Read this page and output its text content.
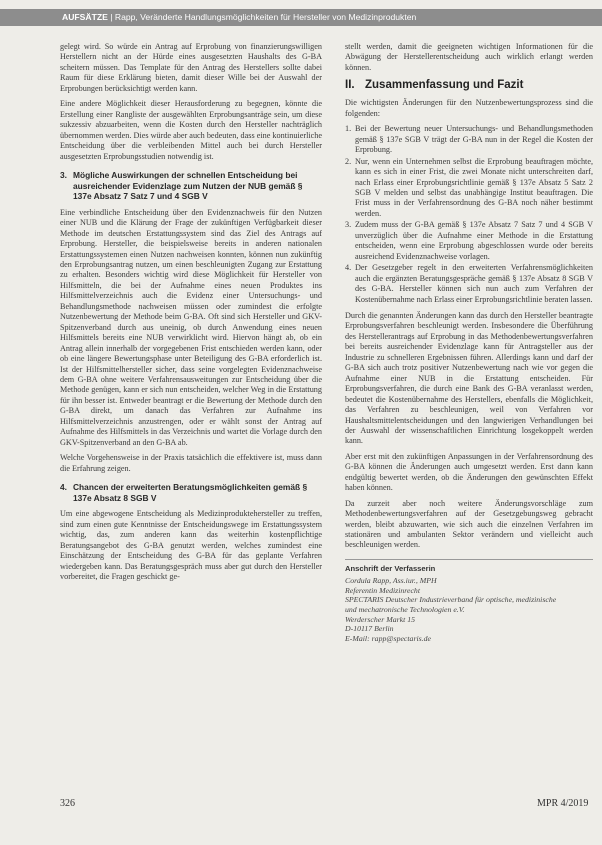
AUFSÄTZE | Rapp, Veränderte Handlungsmöglichkeiten für Hersteller von Medizinprodukten

gelegt wird. So würde ein Antrag auf Erprobung von finanzierungswilligen Herstellern nicht an der Hürde eines ausgesetzten Haushalts des G-BA scheitern müssen. Das Template für den Antrag des Herstellers sollte dabei Raum für diese Erklärung bieten, damit dieser Wille bei der Auswahl der Erprobungen berücksichtigt werden kann.

Eine andere Möglichkeit dieser Herausforderung zu begegnen, könnte die Erstellung einer Rangliste der ausgewählten Erprobungsanträge sein, um diese sukzessiv abzuarbeiten, wenn die Kosten durch den Hersteller nachträglich übernommen werden. Dies würde aber auch bedeuten, dass eine kontinuierliche Entscheidung über die verbleibenden Mittel auch bei durch Hersteller ausgesetzten Erprobungsstudien notwendig ist.

3. Mögliche Auswirkungen der schnellen Entscheidung bei ausreichender Evidenzlage zum Nutzen der NUB gemäß § 137e Absatz 7 Satz 7 und 4 SGB V

Eine verbindliche Entscheidung über den Evidenznachweis für den Nutzen einer NUB und die Klärung der Frage der zukünftigen Verfügbarkeit dieser Methode im deutschen Erstattungssystem sind das Ziel des Antrags auf Erprobung. Hersteller, die beispielsweise bereits in anderen nationalen Erstattungssystemen einen Nutzen nachweisen konnten, können nun zukünftig den Erprobungsantrag nutzen, um einen beschleunigten Zugang zur Erstattung zu erhalten. Besonders wichtig wird diese Möglichkeit für Hersteller von Hilfsmitteln, die bei der Aufnahme eines neuen Produktes ins Hilfsmittelverzeichnis auch die Evidenz einer Untersuchungs- und Behandlungsmethode nachweisen müssen oder zumindest die erfolgte Nutzenbewertung der Methode beim G-BA. Oft sind sich Hersteller und GKV-Spitzenverband durch aus uneinig, ob durch Anwendung eines neuen Hilfsmittels bereits eine NUB verwirklicht wird. Hiervon hängt ab, ob ein Antrag allein innerhalb der vorgegebenen Frist entschieden werden kann, oder ob eine längere Bewertungsphase unter Beteiligung des G-BA erforderlich ist. Ist der Hilfsmittelhersteller sicher, dass seine vorgelegten Evidenznachweise dem G-BA ohne weitere Verfahrensausweitungen zur Entscheidung über die Methode genügen, kann er sich nun entscheiden, welcher Weg in die Erstattung für ihn besser ist. Entweder beantragt er die Bewertung der Methode durch den G-BA direkt, um danach das Verfahren zur Aufnahme ins Hilfsmittelverzeichnis anzustrengen, oder er wählt sonst der Antrag auf Aufnahme des Hilfsmittels in das Verzeichnis und wartet die Vorlage durch den GKV-Spitzenverband an den G-BA ab.

Welche Vorgehensweise in der Praxis tatsächlich die effektivere ist, muss dann die Erfahrung zeigen.

4. Chancen der erweiterten Beratungsmöglichkeiten gemäß § 137e Absatz 8 SGB V

Um eine abgewogene Entscheidung als Medizinproduktehersteller zu treffen, sind zum einen gute Kenntnisse der Entscheidungswege im Erstattungssystem wichtig, das, zum anderen kann das weiterhin kostenpflichtige Beratungsangebot des G-BA genutzt werden, welches zumindest eine Einschätzung der Entscheidung des G-BA für das geplante Verfahren wiedergeben kann. Das Beratungsgespräch muss aber gut durch den Hersteller vorbereitet, die Fragen geschickt ge-

stellt werden, damit die geeigneten wichtigen Informationen für die Abwägung der Herstellerentscheidung auch wirklich erlangt werden können.

II. Zusammenfassung und Fazit

Die wichtigsten Änderungen für den Nutzenbewertungsprozess sind die folgenden:

1. Bei der Bewertung neuer Untersuchungs- und Behandlungsmethoden gemäß § 137e SGB V trägt der G-BA nun in der Regel die Kosten der Erprobung.
2. Nur, wenn ein Unternehmen selbst die Erprobung beauftragen möchte, kann es sich in einer Frist, die zwei Monate nicht unterschreiten darf, nach Erlass einer Erprobungsrichtlinie gemäß § 137e Absatz 5 Satz 2 SGB V melden und selbst das unabhängige Institut beauftragen. Die Frist muss in der Verfahrensordnung des G-BA noch näher bestimmt werden.
3. Zudem muss der G-BA gemäß § 137e Absatz 7 Satz 7 und 4 SGB V unverzüglich über die Aufnahme einer Methode in die Erstattung entscheiden, wenn eine Erprobung abgeschlossen wurde oder bereits ausreichend Evidenznachweise vorlagen.
4. Der Gesetzgeber regelt in den erweiterten Verfahrensmöglichkeiten auch die ergänzten Beratungsgespräche gemäß § 137e Absatz 8 SGB V des G-BA. Hersteller können sich nun auch zum Verfahren der Kostenübernahme nach Erlass einer Erprobungsrichtlinie beraten lassen.

Durch die genannten Änderungen kann das durch den Hersteller beantragte Erprobungsverfahren beschleunigt werden. Insbesondere die Überführung des Herstellerantrags auf Erprobung in das Methodenbewertungsverfahren bei bereits ausreichender Evidenzlage kann für Antragsteller aus der Industrie zu schnelleren Ergebnissen führen. Allerdings kann und darf der G-BA sich auch trotz positiver Nutzenbewertung nach wie vor gegen die Aufnahme einer NUB in die Erstattung entscheiden. Für Erprobungsverfahren, die durch eine Bank des G-BA veranlasst werden, bedeutet die Kostenübernahme des Herstellers, ebenfalls die Möglichkeit, das Verfahren zu beschleunigen, weil von Verfahren vor Haushaltsmittelentscheidungen und den langwierigen Verhandlungen bei der Auswahl der wissenschaftlichen Einrichtung losgekoppelt werden kann.

Aber erst mit den zukünftigen Anpassungen in der Verfahrensordnung des G-BA können die Änderungen auch umgesetzt werden. Erst dann kann endgültig bewertet werden, ob die Änderungen den gewünschten Effekt haben können.

Da zurzeit aber noch weitere Änderungsvorschläge zum Methodenbewertungsverfahren auf der Gesetzgebungsweg gebracht werden, bleibt abzuwarten, wie sich auch die einzelnen Verfahren im stationären und ambulanten Sektor verändern und vielleicht auch beschleunigen werden.

Anschrift der Verfasserin
Cordula Rapp, Ass.iur., MPH
Referentin Medizinrecht
SPECTARIS Deutscher Industrieverband für optische, medizinische
und mechatronische Technologien e.V.
Werderscher Markt 15
D-10117 Berlin
E-Mail: rapp@spectaris.de
326	MPR 4/2019
